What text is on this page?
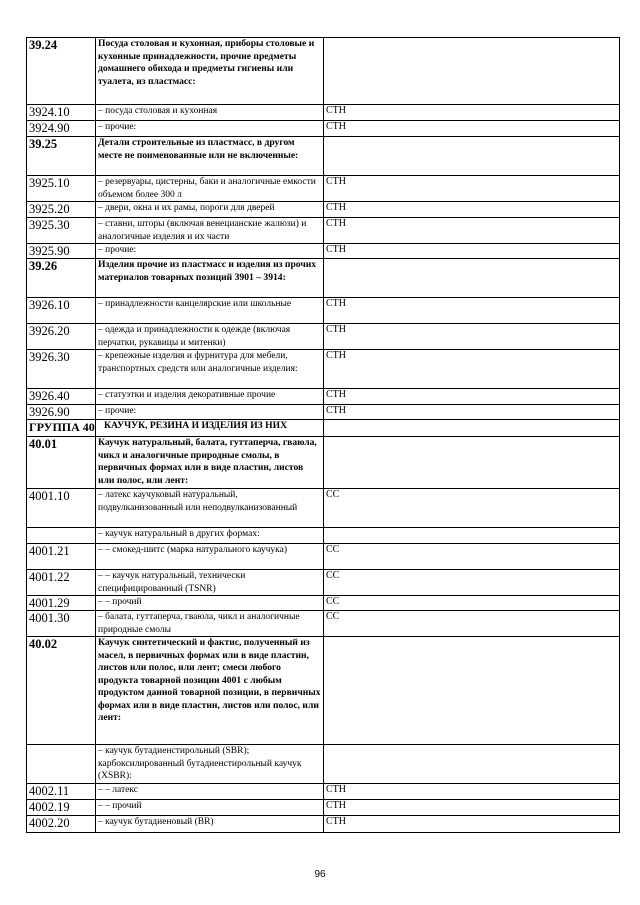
39.24	Посуда столовая и кухонная, приборы столовые и кухонные принадлежности, прочие предметы домашнего обихода и предметы гигиены или туалета, из пластмасс:	
3924.10	– посуда столовая и кухонная	СТН
3924.90	– прочие:	СТН
39.25	Детали строительные из пластмасс, в другом месте не поименованные или не включенные:	
3925.10	– резервуары, цистерны, баки и аналогичные емкости объемом более 300 л	СТН
3925.20	– двери, окна и их рамы, пороги для дверей	СТН
3925.30	– ставни, шторы (включая венецианские жалюзи) и аналогичные изделия и их части	СТН
3925.90	– прочие:	СТН
39.26	Изделия прочие из пластмасс и изделия из прочих материалов товарных позиций 3901 – 3914:	
3926.10	– принадлежности канцелярские или школьные	СТН
3926.20	– одежда и принадлежности к одежде (включая перчатки, рукавицы и митенки)	СТН
3926.30	– крепежные изделия и фурнитура для мебели, транспортных средств или аналогичные изделия:	СТН
3926.40	– статуэтки и изделия декоративные прочие	СТН
3926.90	– прочие:	СТН
ГРУППА 40	КАУЧУК, РЕЗИНА И ИЗДЕЛИЯ ИЗ НИХ	
40.01	Каучук натуральный, балата, гуттаперча, гваюла, чикл и аналогичные природные смолы, в первичных формах или в виде пластин, листов или полос, или лент:	
4001.10	– латекс каучуковый натуральный, подвулканизованный или неподвулканизованный	СС
	– каучук натуральный в других формах:	
4001.21	– – смокед-шитс (марка натурального каучука)	СС
4001.22	– – каучук натуральный, технически специфицированный (TSNR)	СС
4001.29	– – прочий	СС
4001.30	– балата, гуттаперча, гваюла, чикл и аналогичные природные смолы	СС
40.02	Каучук синтетический и фактис, полученный из масел, в первичных формах или в виде пластин, листов или полос, или лент; смеси любого продукта товарной позиции 4001 с любым продуктом данной товарной позиции, в первичных формах или в виде пластин, листов или полос, или лент:	
	– каучук бутадиенстирольный (SBR); карбоксилированный бутадиенстирольный каучук (XSBR):	
4002.11	– – латекс	СТН
4002.19	– – прочий	СТН
4002.20	– каучук бутадиеновый (BR)	СТН
96
